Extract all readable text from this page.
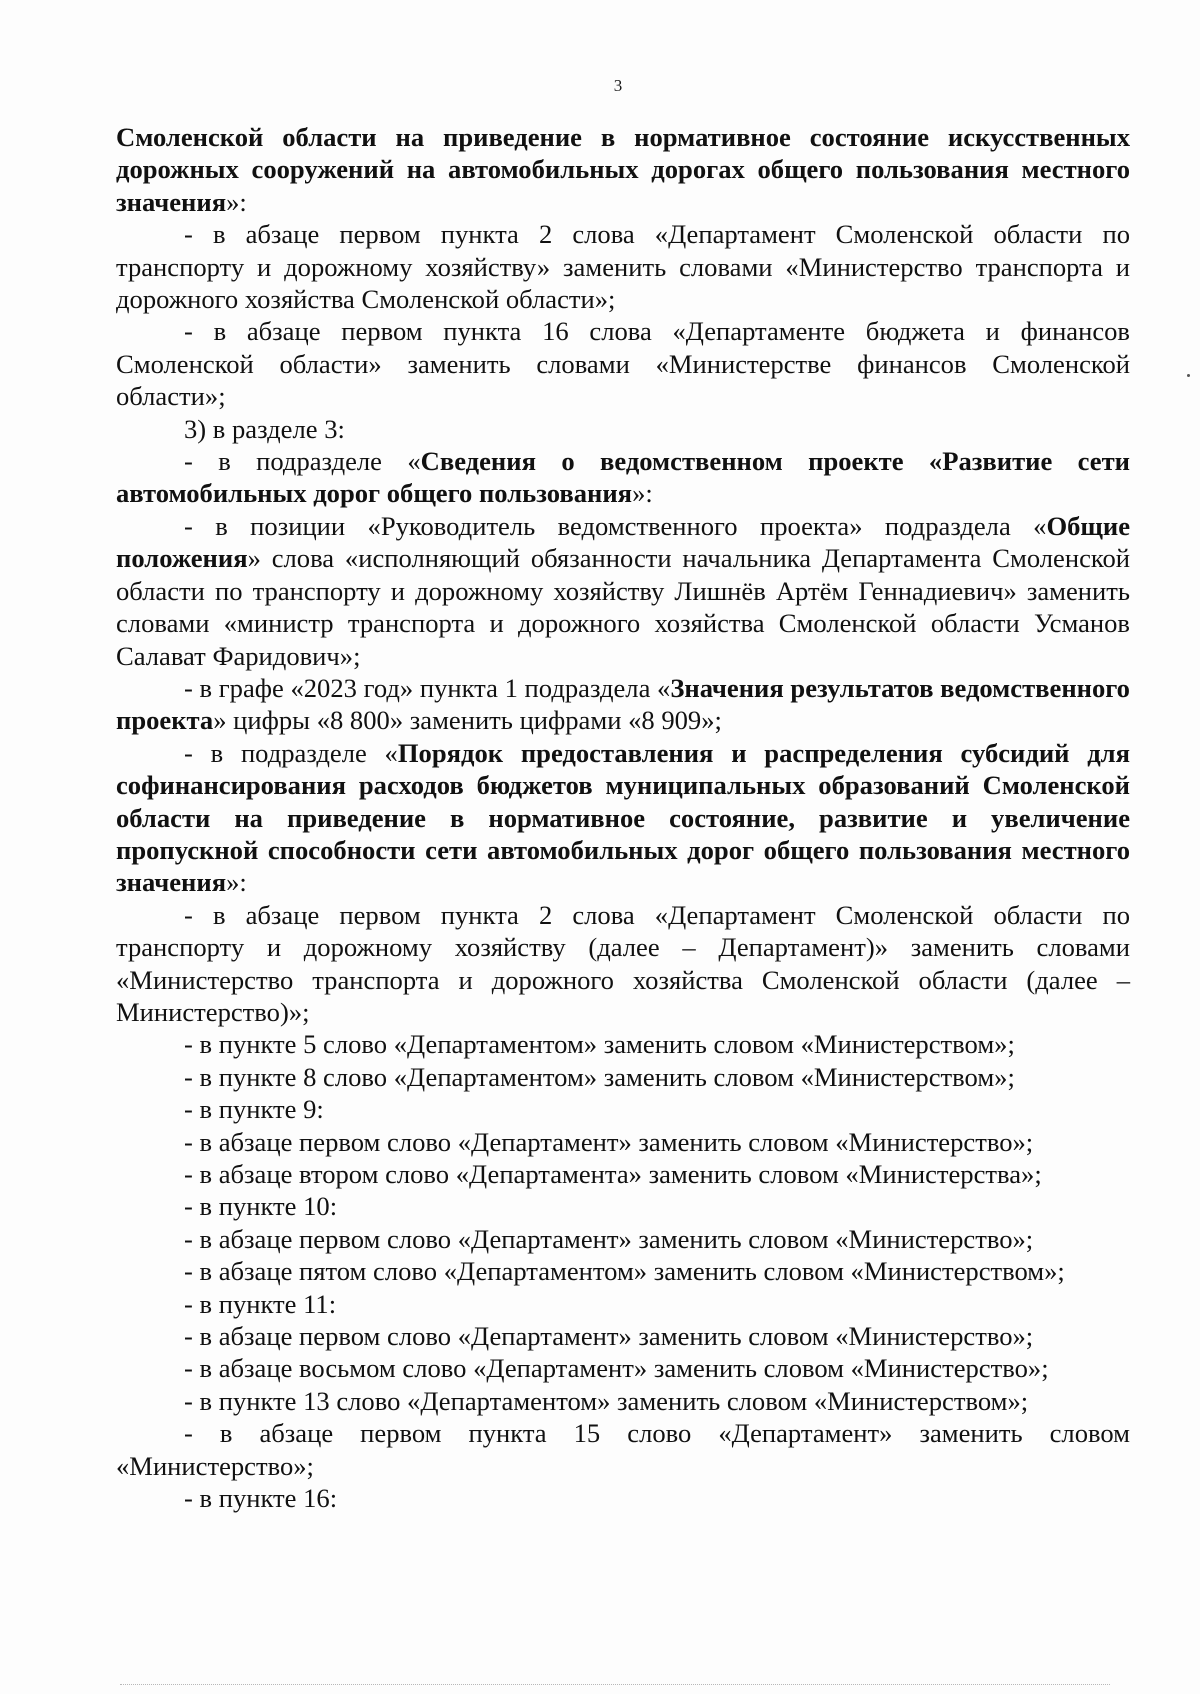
3

Смоленской области на приведение в нормативное состояние искусственных дорожных сооружений на автомобильных дорогах общего пользования местного значения»:

- в абзаце первом пункта 2 слова «Департамент Смоленской области по транспорту и дорожному хозяйству» заменить словами «Министерство транспорта и дорожного хозяйства Смоленской области»;

- в абзаце первом пункта 16 слова «Департаменте бюджета и финансов Смоленской области» заменить словами «Министерстве финансов Смоленской области»;

3) в разделе 3:

- в подразделе «Сведения о ведомственном проекте «Развитие сети автомобильных дорог общего пользования»:

- в позиции «Руководитель ведомственного проекта» подраздела «Общие положения» слова «исполняющий обязанности начальника Департамента Смоленской области по транспорту и дорожному хозяйству Лишнёв Артём Геннадиевич» заменить словами «министр транспорта и дорожного хозяйства Смоленской области Усманов Салават Фаридович»;

- в графе «2023 год» пункта 1 подраздела «Значения результатов ведомственного проекта» цифры «8 800» заменить цифрами «8 909»;

- в подразделе «Порядок предоставления и распределения субсидий для софинансирования расходов бюджетов муниципальных образований Смоленской области на приведение в нормативное состояние, развитие и увеличение пропускной способности сети автомобильных дорог общего пользования местного значения»:

- в абзаце первом пункта 2 слова «Департамент Смоленской области по транспорту и дорожному хозяйству (далее – Департамент)» заменить словами «Министерство транспорта и дорожного хозяйства Смоленской области (далее – Министерство)»;

- в пункте 5 слово «Департаментом» заменить словом «Министерством»;

- в пункте 8 слово «Департаментом» заменить словом «Министерством»;

- в пункте 9:

- в абзаце первом слово «Департамент» заменить словом «Министерство»;

- в абзаце втором слово «Департамента» заменить словом «Министерства»;

- в пункте 10:

- в абзаце первом слово «Департамент» заменить словом «Министерство»;

- в абзаце пятом слово «Департаментом» заменить словом «Министерством»;

- в пункте 11:

- в абзаце первом слово «Департамент» заменить словом «Министерство»;

- в абзаце восьмом слово «Департамент» заменить словом «Министерство»;

- в пункте 13 слово «Департаментом» заменить словом «Министерством»;

- в абзаце первом пункта 15 слово «Департамент» заменить словом «Министерство»;

- в пункте 16:
